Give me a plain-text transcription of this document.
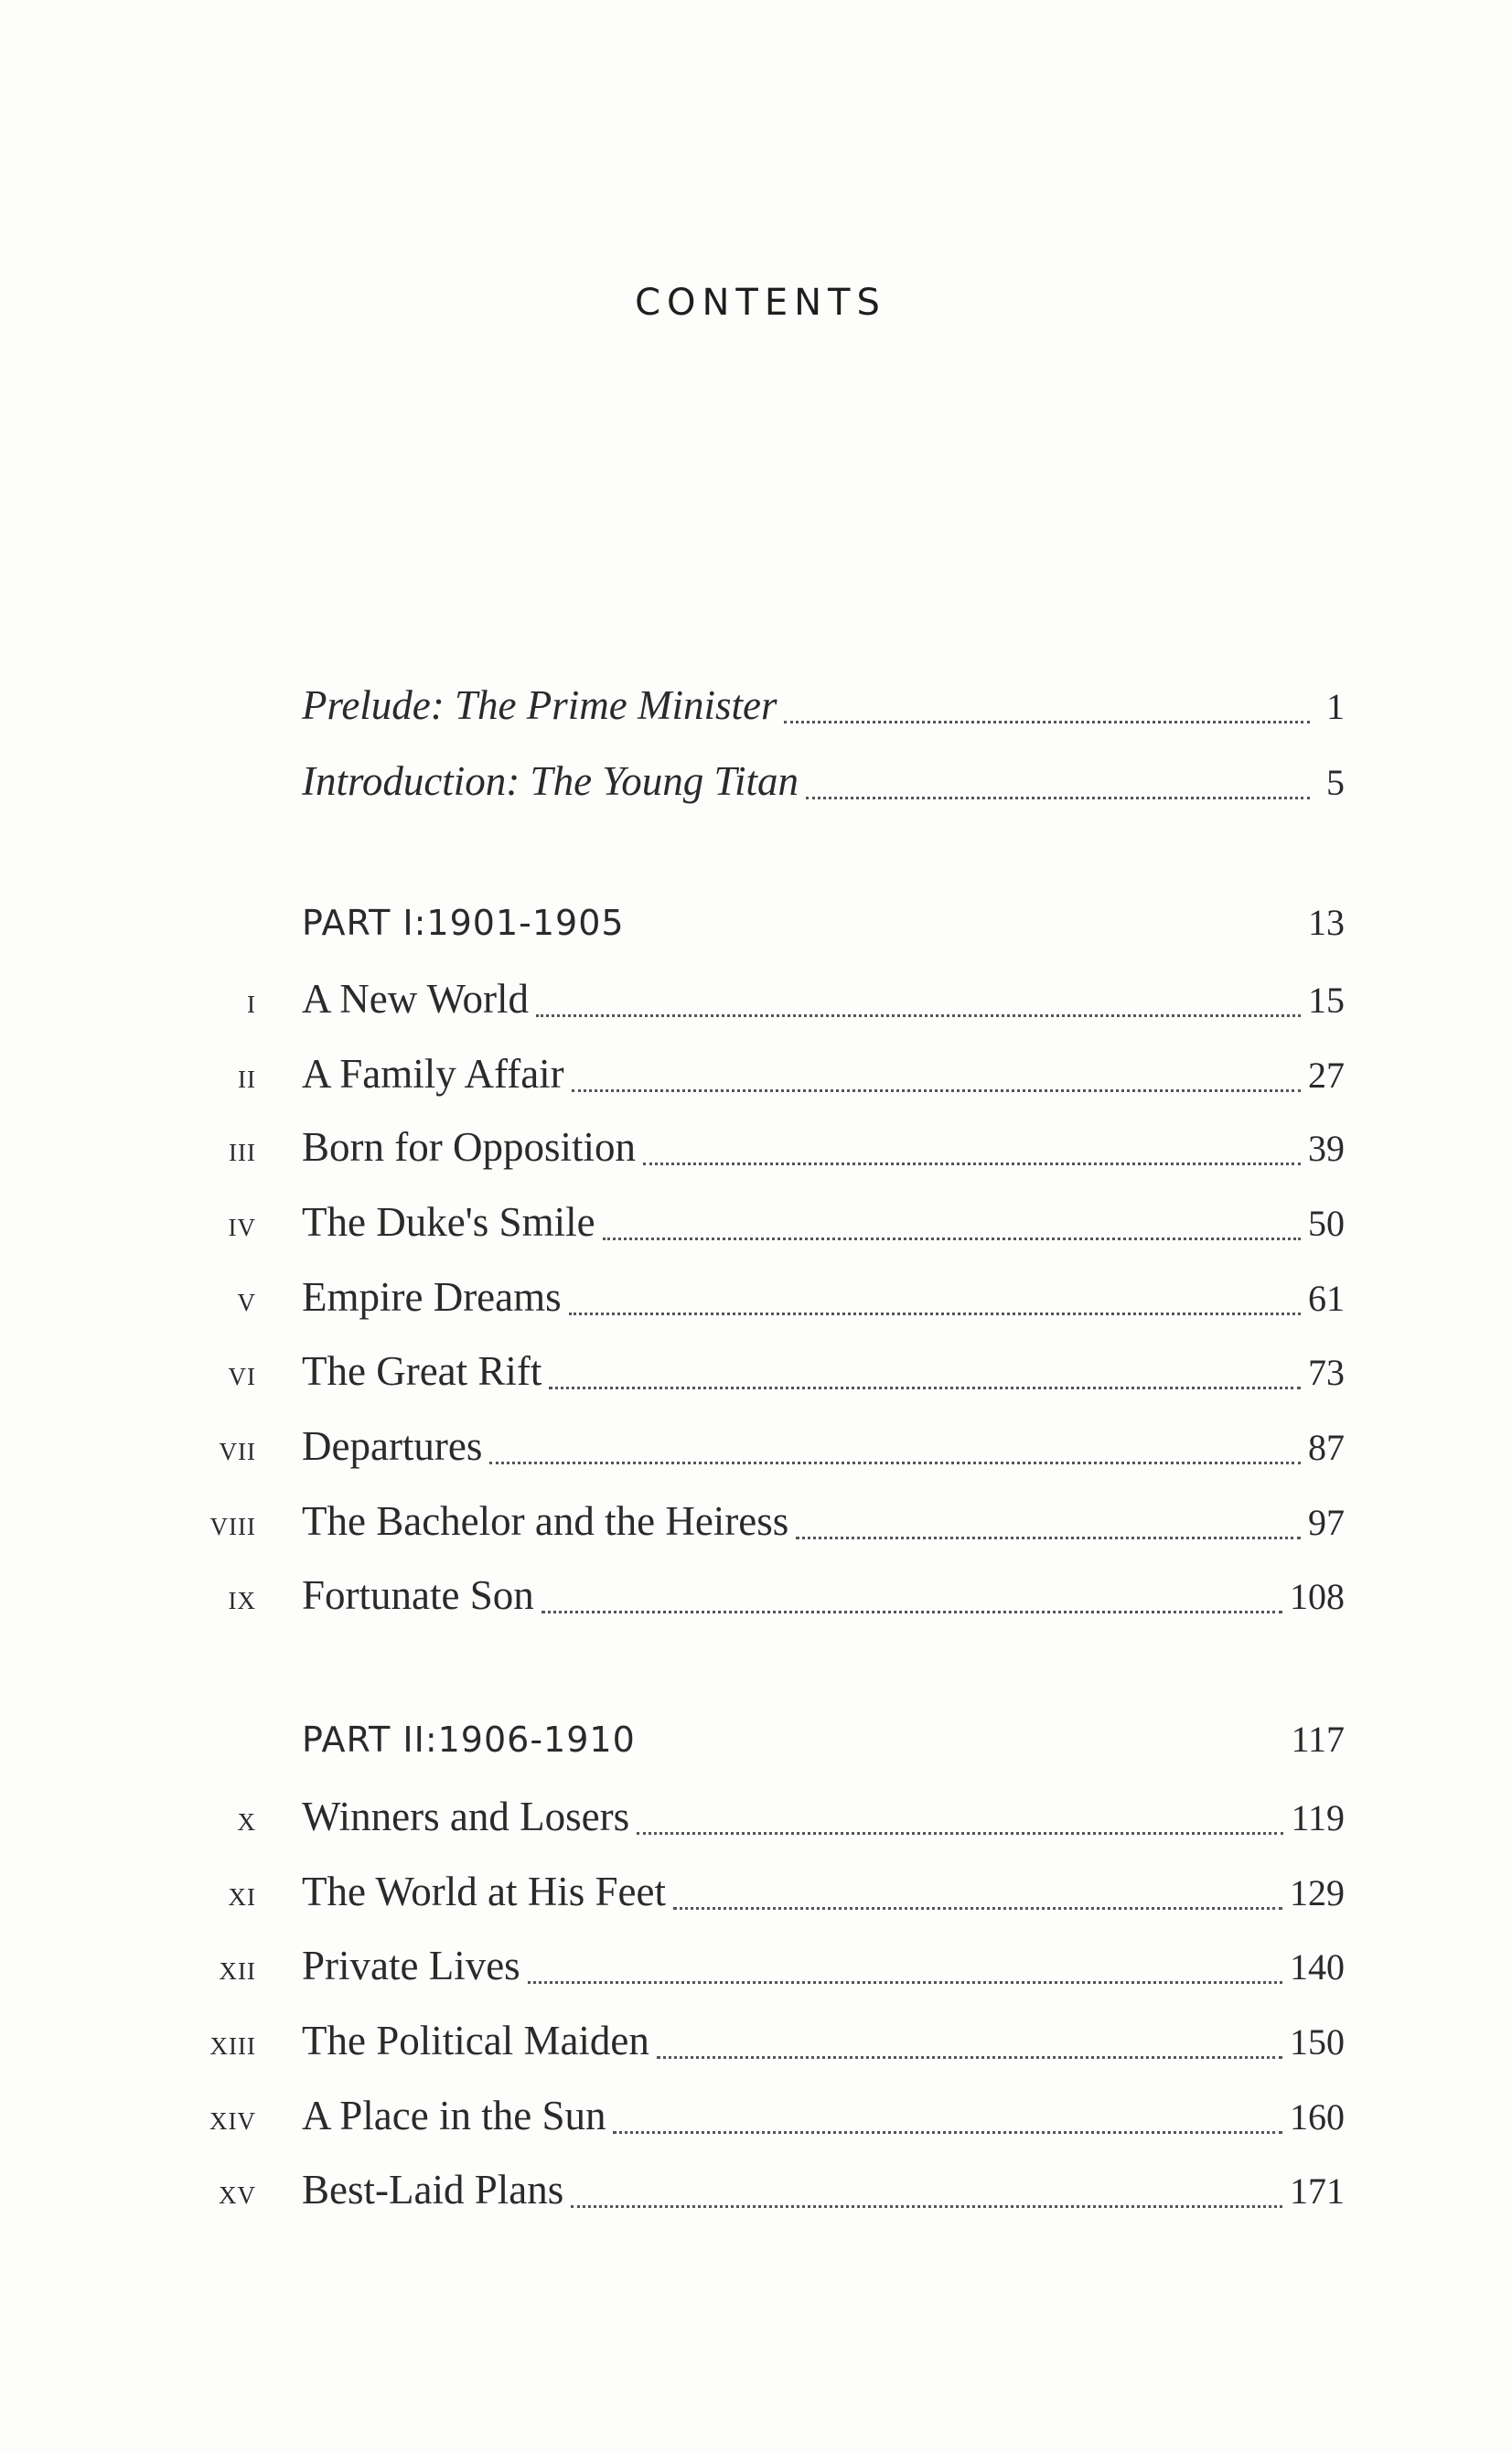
CONTENTS
Prelude: The Prime Minister	1
Introduction: The Young Titan	5
PART I:1901-1905	13
i	A New World	15
ii	A Family Affair	27
iii	Born for Opposition	39
iv	The Duke's Smile	50
v	Empire Dreams	61
vi	The Great Rift	73
vii	Departures	87
viii	The Bachelor and the Heiress	97
ix	Fortunate Son	108
PART II:1906-1910	117
x	Winners and Losers	119
xi	The World at His Feet	129
xii	Private Lives	140
xiii	The Political Maiden	150
xiv	A Place in the Sun	160
xv	Best-Laid Plans	171
